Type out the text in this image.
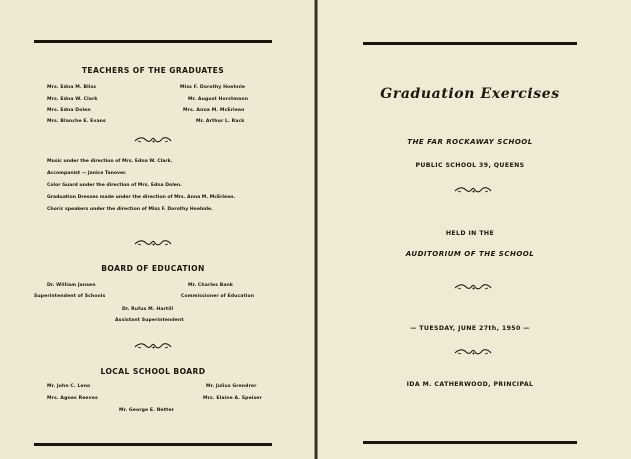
TEACHERS OF THE GRADUATES
Mrs. Edna M. Bliss
Mrs. Edna W. Clark
Mrs. Edna Dolen
Mrs. Blanche E. Evans
Miss F. Dorothy Hoehnle
Mr. August Horstmann
Mrs. Anna M. McErlean
Mr. Arthur L. Rack
Music under the direction of Mrs. Edna W. Clark.
Accompanist — Janice Tanover.
Color Guard under the direction of Mrs. Edna Dolen.
Graduation Dresses made under the direction of Mrs. Anna M. McErlean.
Choric speakers under the direction of Miss F. Dorothy Hoehnle.
BOARD OF EDUCATION
Dr. William Jansen
Superintendent of Schools
Mr. Charles Bank
Commissioner of Education
Dr. Rufus M. Hartill
Assistant Superintendent
LOCAL SCHOOL BOARD
Mr. John C. Leno
Mrs. Agnes Reeves
Mr. Julius Grendrer
Mrs. Elaine A. Speiser
Mr. George E. Netter
Graduation Exercises
THE FAR ROCKAWAY SCHOOL
PUBLIC SCHOOL 39, QUEENS
HELD IN THE
AUDITORIUM OF THE SCHOOL
— TUESDAY, JUNE 27th, 1950 —
IDA M. CATHERWOOD, PRINCIPAL
